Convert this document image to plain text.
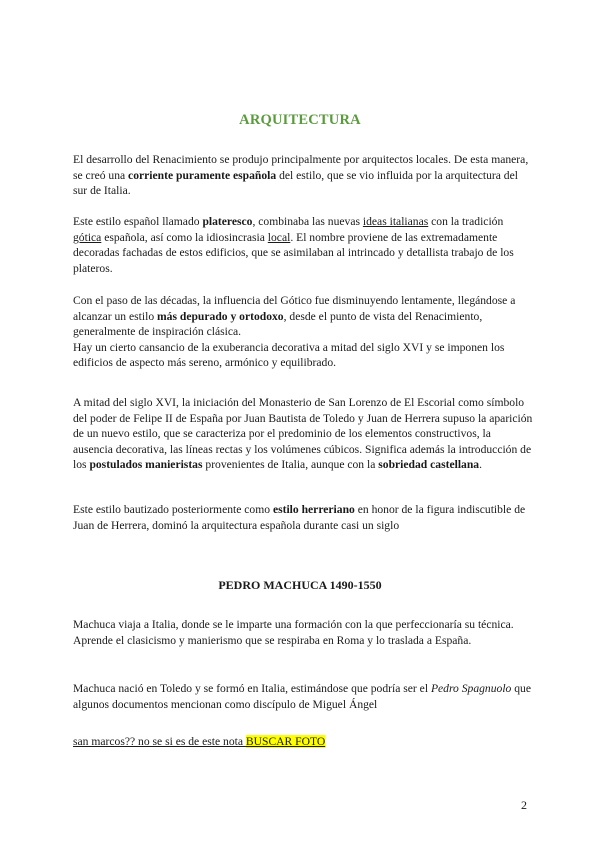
ARQUITECTURA

El desarrollo del Renacimiento se produjo principalmente por arquitectos locales. De esta manera, se creó una corriente puramente española del estilo, que se vio influida por la arquitectura del sur de Italia.

Este estilo español llamado plateresco, combinaba las nuevas ideas italianas con la tradición gótica española, así como la idiosincrasia local. El nombre proviene de las extremadamente decoradas fachadas de estos edificios, que se asimilaban al intrincado y detallista trabajo de los plateros.

Con el paso de las décadas, la influencia del Gótico fue disminuyendo lentamente, llegándose a alcanzar un estilo más depurado y ortodoxo, desde el punto de vista del Renacimiento, generalmente de inspiración clásica.
Hay un cierto cansancio de la exuberancia decorativa a mitad del siglo XVI y se imponen los edificios de aspecto más sereno, armónico y equilibrado.

A mitad del siglo XVI, la iniciación del Monasterio de San Lorenzo de El Escorial como símbolo del poder de Felipe II de España por Juan Bautista de Toledo y Juan de Herrera supuso la aparición de un nuevo estilo, que se caracteriza por el predominio de los elementos constructivos, la ausencia decorativa, las líneas rectas y los volúmenes cúbicos. Significa además la introducción de los postulados manieristas provenientes de Italia, aunque con la sobriedad castellana.

Este estilo bautizado posteriormente como estilo herreriano en honor de la figura indiscutible de Juan de Herrera, dominó la arquitectura española durante casi un siglo

PEDRO MACHUCA 1490-1550

Machuca viaja a Italia, donde se le imparte una formación con la que perfeccionaría su técnica. Aprende el clasicismo y manierismo que se respiraba en Roma y lo traslada a España.

Machuca nació en Toledo y se formó en Italia, estimándose que podría ser el Pedro Spagnuolo que algunos documentos mencionan como discípulo de Miguel Ángel

san marcos?? no se si es de este nota BUSCAR FOTO

2
